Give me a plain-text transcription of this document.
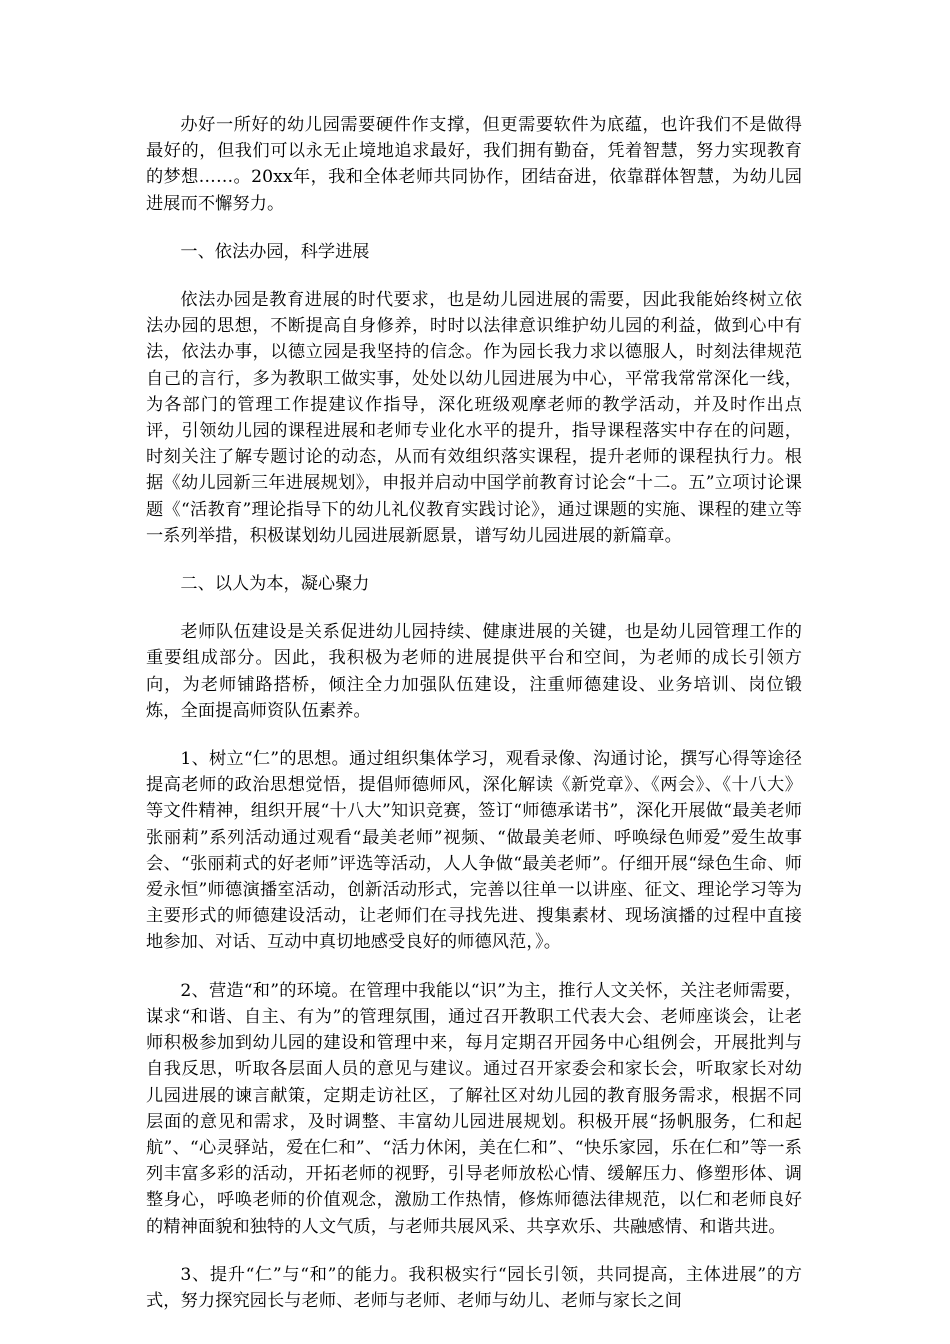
办好一所好的幼儿园需要硬件作支撑，但更需要软件为底蕴，也许我们不是做得最好的，但我们可以永无止境地追求最好，我们拥有勤奋，凭着智慧，努力实现教育的梦想……。20xx年，我和全体老师共同协作，团结奋进，依靠群体智慧，为幼儿园进展而不懈努力。

一、依法办园，科学进展

依法办园是教育进展的时代要求，也是幼儿园进展的需要，因此我能始终树立依法办园的思想，不断提高自身修养，时时以法律意识维护幼儿园的利益，做到心中有法，依法办事，以德立园是我坚持的信念。作为园长我力求以德服人，时刻法律规范自己的言行，多为教职工做实事，处处以幼儿园进展为中心，平常我常常深化一线，为各部门的管理工作提建议作指导，深化班级观摩老师的教学活动，并及时作出点评，引领幼儿园的课程进展和老师专业化水平的提升，指导课程落实中存在的问题，时刻关注了解专题讨论的动态，从而有效组织落实课程，提升老师的课程执行力。根据《幼儿园新三年进展规划》，申报并启动中国学前教育讨论会“十二。五”立项讨论课题《“活教育”理论指导下的幼儿礼仪教育实践讨论》，通过课题的实施、课程的建立等一系列举措，积极谋划幼儿园进展新愿景，谱写幼儿园进展的新篇章。

二、以人为本，凝心聚力

老师队伍建设是关系促进幼儿园持续、健康进展的关键，也是幼儿园管理工作的重要组成部分。因此，我积极为老师的进展提供平台和空间，为老师的成长引领方向，为老师铺路搭桥，倾注全力加强队伍建设，注重师德建设、业务培训、岗位锻炼，全面提高师资队伍素养。

1、树立“仁”的思想。通过组织集体学习，观看录像、沟通讨论，撰写心得等途径提高老师的政治思想觉悟，提倡师德师风，深化解读《新党章》、《两会》、《十八大》等文件精神，组织开展“十八大”知识竞赛，签订“师德承诺书”，深化开展做“最美老师张丽莉”系列活动通过观看“最美老师”视频、“做最美老师、呼唤绿色师爱”爱生故事会、“张丽莉式的好老师”评选等活动，人人争做“最美老师”。仔细开展“绿色生命、师爱永恒”师德演播室活动，创新活动形式，完善以往单一以讲座、征文、理论学习等为主要形式的师德建设活动，让老师们在寻找先进、搜集素材、现场演播的过程中直接地参加、对话、互动中真切地感受良好的师德风范，》。

2、营造“和”的环境。在管理中我能以“识”为主，推行人文关怀，关注老师需要，谋求“和谐、自主、有为”的管理氛围，通过召开教职工代表大会、老师座谈会，让老师积极参加到幼儿园的建设和管理中来，每月定期召开园务中心组例会，开展批判与自我反思，听取各层面人员的意见与建议。通过召开家委会和家长会，听取家长对幼儿园进展的谏言献策，定期走访社区，了解社区对幼儿园的教育服务需求，根据不同层面的意见和需求，及时调整、丰富幼儿园进展规划。积极开展“扬帆服务，仁和起航”、“心灵驿站，爱在仁和”、“活力休闲，美在仁和”、“快乐家园，乐在仁和”等一系列丰富多彩的活动，开拓老师的视野，引导老师放松心情、缓解压力、修塑形体、调整身心，呼唤老师的价值观念，激励工作热情，修炼师德法律规范，以仁和老师良好的精神面貌和独特的人文气质，与老师共展风采、共享欢乐、共融感情、和谐共进。

3、提升“仁”与“和”的能力。我积极实行“园长引领，共同提高，主体进展”的方式，努力探究园长与老师、老师与老师、老师与幼儿、老师与家长之间
